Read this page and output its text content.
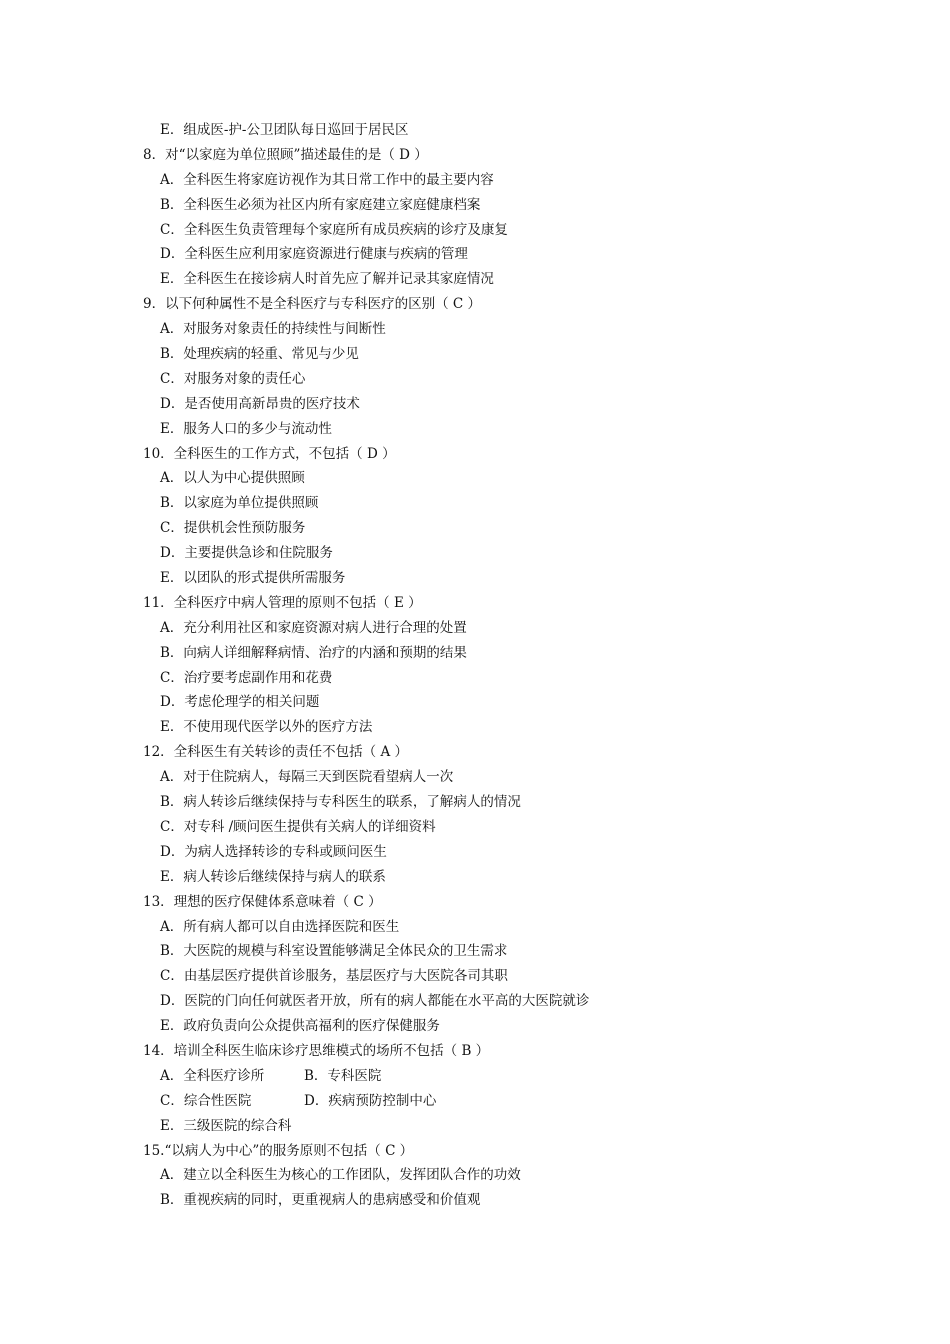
E．组成医-护-公卫团队每日巡回于居民区
8．对“以家庭为单位照顾”描述最佳的是（ D ）
A．全科医生将家庭访视作为其日常工作中的最主要内容
B．全科医生必须为社区内所有家庭建立家庭健康档案
C．全科医生负责管理每个家庭所有成员疾病的诊疗及康复
D．全科医生应利用家庭资源进行健康与疾病的管理
E．全科医生在接诊病人时首先应了解并记录其家庭情况
9．以下何种属性不是全科医疗与专科医疗的区别（ C ）
A．对服务对象责任的持续性与间断性
B．处理疾病的轻重、常见与少见
C．对服务对象的责任心
D．是否使用高新昂贵的医疗技术
E．服务人口的多少与流动性
10．全科医生的工作方式，不包括（ D ）
A．以人为中心提供照顾
B．以家庭为单位提供照顾
C．提供机会性预防服务
D．主要提供急诊和住院服务
E．以团队的形式提供所需服务
11．全科医疗中病人管理的原则不包括（ E ）
A．充分利用社区和家庭资源对病人进行合理的处置
B．向病人详细解释病情、治疗的内涵和预期的结果
C．治疗要考虑副作用和花费
D．考虑伦理学的相关问题
E．不使用现代医学以外的医疗方法
12．全科医生有关转诊的责任不包括（ A ）
A．对于住院病人，每隔三天到医院看望病人一次
B．病人转诊后继续保持与专科医生的联系，了解病人的情况
C．对专科 /顾问医生提供有关病人的详细资料
D．为病人选择转诊的专科或顾问医生
E．病人转诊后继续保持与病人的联系
13．理想的医疗保健体系意味着（ C ）
A．所有病人都可以自由选择医院和医生
B．大医院的规模与科室设置能够满足全体民众的卫生需求
C．由基层医疗提供首诊服务，基层医疗与大医院各司其职
D．医院的门向任何就医者开放，所有的病人都能在水平高的大医院就诊
E．政府负责向公众提供高福利的医疗保健服务
14．培训全科医生临床诊疗思维模式的场所不包括（ B ）
A．全科医疗诊所	B．专科医院
C．综合性医院	D．疾病预防控制中心
E．三级医院的综合科
15.“以病人为中心”的服务原则不包括（ C ）
A．建立以全科医生为核心的工作团队，发挥团队合作的功效
B．重视疾病的同时，更重视病人的患病感受和价值观
